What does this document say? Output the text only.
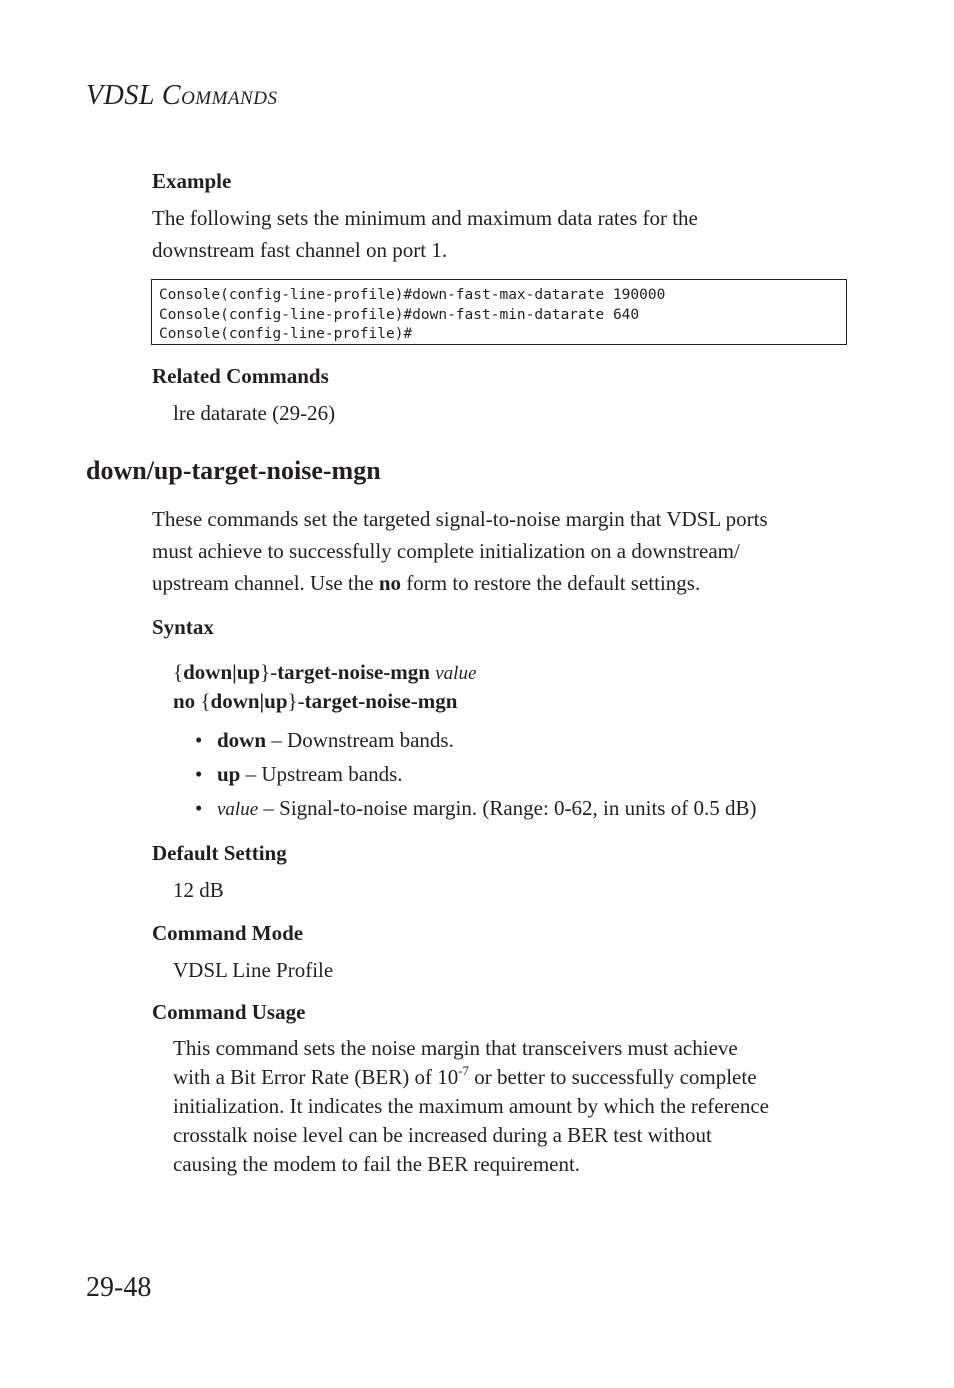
VDSL COMMANDS
Example
The following sets the minimum and maximum data rates for the
downstream fast channel on port 1.
Console(config-line-profile)#down-fast-max-datarate 190000
Console(config-line-profile)#down-fast-min-datarate 640
Console(config-line-profile)#
Related Commands
lre datarate (29-26)
down/up-target-noise-mgn
These commands set the targeted signal-to-noise margin that VDSL ports
must achieve to successfully complete initialization on a downstream/
upstream channel. Use the no form to restore the default settings.
Syntax
{down|up}-target-noise-mgn value
no {down|up}-target-noise-mgn
• down – Downstream bands.
• up – Upstream bands.
• value – Signal-to-noise margin. (Range: 0-62, in units of 0.5 dB)
Default Setting
12 dB
Command Mode
VDSL Line Profile
Command Usage
This command sets the noise margin that transceivers must achieve
with a Bit Error Rate (BER) of $10^{-7}$ or better to successfully complete
initialization. It indicates the maximum amount by which the reference
crosstalk noise level can be increased during a BER test without
causing the modem to fail the BER requirement.
29-48
